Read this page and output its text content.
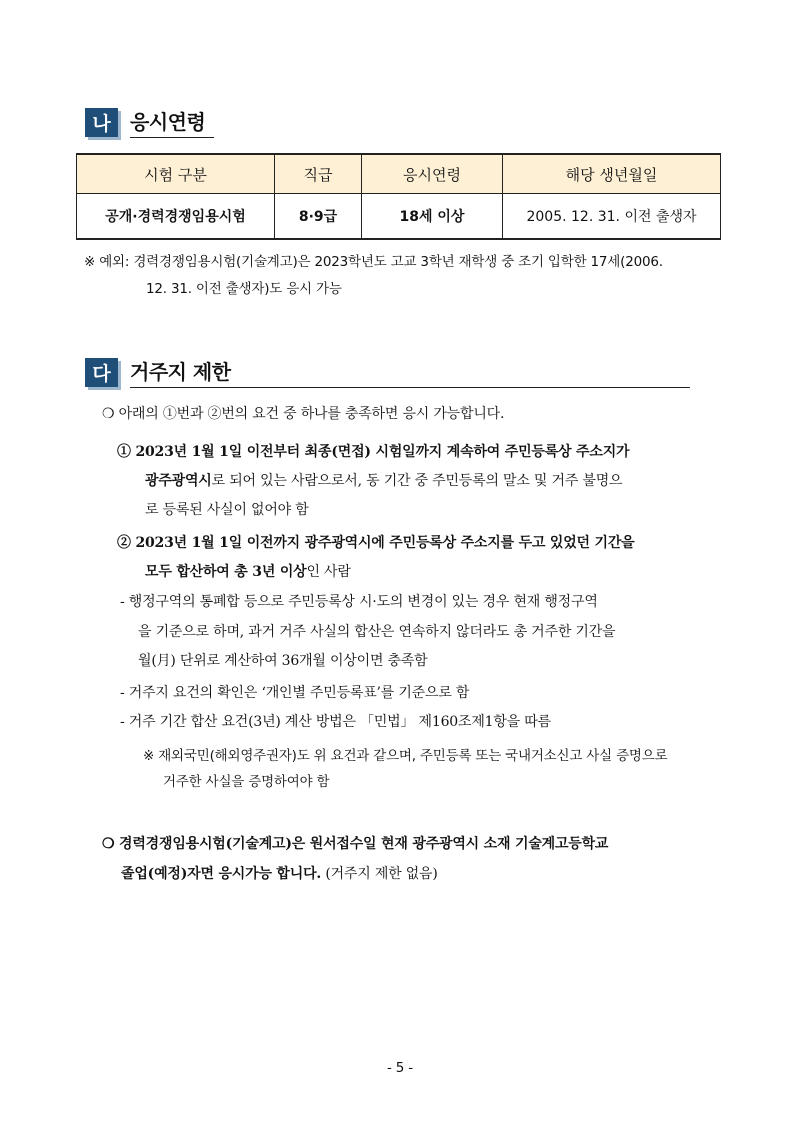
나 응시연령
시험 구분	직급	응시연령	해당 생년월일
공개·경력경쟁임용시험	8·9급	18세 이상	2005. 12. 31. 이전 출생자
※ 예외: 경력경쟁임용시험(기술계고)은 2023학년도 고교 3학년 재학생 중 조기 입학한 17세(2006.
12. 31. 이전 출생자)도 응시 가능
다 거주지 제한
❍ 아래의 ①번과 ②번의 요건 중 하나를 충족하면 응시 가능합니다.
① 2023년 1월 1일 이전부터 최종(면접) 시험일까지 계속하여 주민등록상 주소지가
광주광역시로 되어 있는 사람으로서, 동 기간 중 주민등록의 말소 및 거주 불명으
로 등록된 사실이 없어야 함
② 2023년 1월 1일 이전까지 광주광역시에 주민등록상 주소지를 두고 있었던 기간을
모두 합산하여 총 3년 이상인 사람
- 행정구역의 통폐합 등으로 주민등록상 시·도의 변경이 있는 경우 현재 행정구역
을 기준으로 하며, 과거 거주 사실의 합산은 연속하지 않더라도 총 거주한 기간을
월(月) 단위로 계산하여 36개월 이상이면 충족함
- 거주지 요건의 확인은 ‘개인별 주민등록표’를 기준으로 함
- 거주 기간 합산 요건(3년) 계산 방법은 「민법」 제160조제1항을 따름
※ 재외국민(해외영주권자)도 위 요건과 같으며, 주민등록 또는 국내거소신고 사실 증명으로
거주한 사실을 증명하여야 함
❍ 경력경쟁임용시험(기술계고)은 원서접수일 현재 광주광역시 소재 기술계고등학교
졸업(예정)자면 응시가능 합니다. (거주지 제한 없음)
- 5 -
